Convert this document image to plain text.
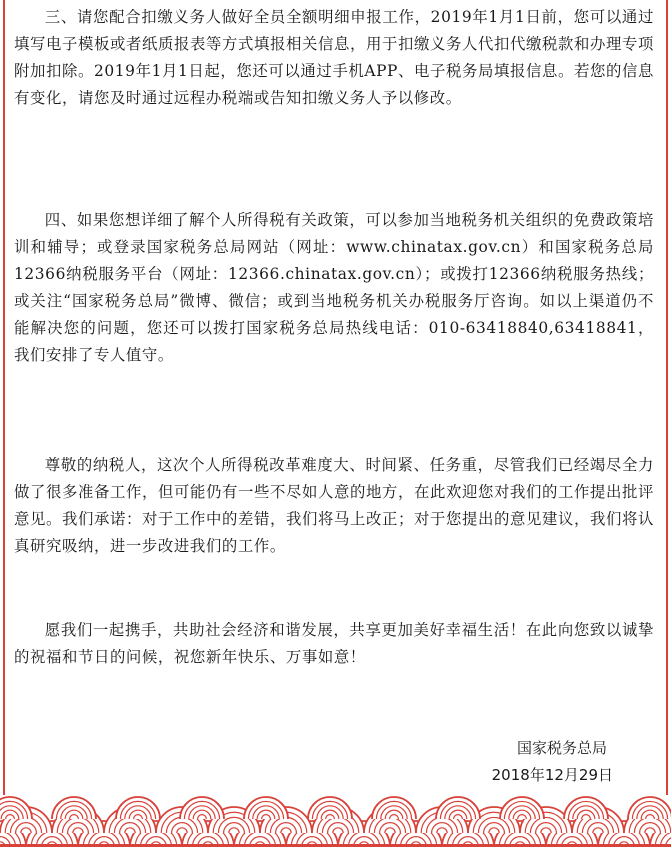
三、请您配合扣缴义务人做好全员全额明细申报工作，2019年1月1日前，您可以通过填写电子模板或者纸质报表等方式填报相关信息，用于扣缴义务人代扣代缴税款和办理专项附加扣除。2019年1月1日起，您还可以通过手机APP、电子税务局填报信息。若您的信息有变化，请您及时通过远程办税端或告知扣缴义务人予以修改。

四、如果您想详细了解个人所得税有关政策，可以参加当地税务机关组织的免费政策培训和辅导；或登录国家税务总局网站（网址：www.chinatax.gov.cn）和国家税务总局12366纳税服务平台（网址：12366.chinatax.gov.cn）；或拨打12366纳税服务热线；或关注“国家税务总局”微博、微信；或到当地税务机关办税服务厅咨询。如以上渠道仍不能解决您的问题，您还可以拨打国家税务总局热线电话：010-63418840,63418841，我们安排了专人值守。

尊敬的纳税人，这次个人所得税改革难度大、时间紧、任务重，尽管我们已经竭尽全力做了很多准备工作，但可能仍有一些不尽如人意的地方，在此欢迎您对我们的工作提出批评意见。我们承诺：对于工作中的差错，我们将马上改正；对于您提出的意见建议，我们将认真研究吸纳，进一步改进我们的工作。

愿我们一起携手，共助社会经济和谐发展，共享更加美好幸福生活！在此向您致以诚挚的祝福和节日的问候，祝您新年快乐、万事如意！

国家税务总局
2018年12月29日
